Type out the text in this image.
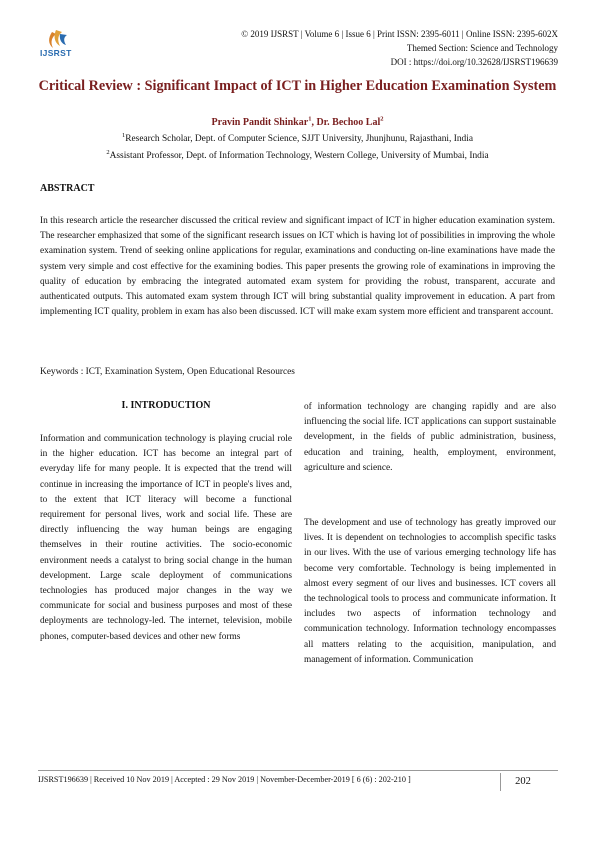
IJSRST
© 2019 IJSRST | Volume 6 | Issue 6 | Print ISSN: 2395-6011 | Online ISSN: 2395-602X
Themed Section: Science and Technology
DOI : https://doi.org/10.32628/IJSRST196639
Critical Review : Significant Impact of ICT in Higher Education Examination System
Pravin Pandit Shinkar$^1$, Dr. Bechoo Lal$^2$
$^1$Research Scholar, Dept. of Computer Science, SJJT University, Jhunjhunu, Rajasthani, India
$^2$Assistant Professor, Dept. of Information Technology, Western College, University of Mumbai, India
ABSTRACT
In this research article the researcher discussed the critical review and significant impact of ICT in higher education examination system. The researcher emphasized that some of the significant research issues on ICT which is having lot of possibilities in improving the whole examination system. Trend of seeking online applications for regular, examinations and conducting on-line examinations have made the system very simple and cost effective for the examining bodies. This paper presents the growing role of examinations in improving the quality of education by embracing the integrated automated exam system for providing the robust, transparent, accurate and authenticated outputs. This automated exam system through ICT will bring substantial quality improvement in education. A part from implementing ICT quality, problem in exam has also been discussed. ICT will make exam system more efficient and transparent account.
Keywords : ICT, Examination System, Open Educational Resources
I. INTRODUCTION
Information and communication technology is playing crucial role in the higher education. ICT has become an integral part of everyday life for many people. It is expected that the trend will continue in increasing the importance of ICT in people's lives and, to the extent that ICT literacy will become a functional requirement for personal lives, work and social life. These are directly influencing the way human beings are engaging themselves in their routine activities. The socio-economic environment needs a catalyst to bring social change in the human development. Large scale deployment of communications technologies has produced major changes in the way we communicate for social and business purposes and most of these deployments are technology-led. The internet, television, mobile phones, computer-based devices and other new forms
of information technology are changing rapidly and are also influencing the social life. ICT applications can support sustainable development, in the fields of public administration, business, education and training, health, employment, environment, agriculture and science.
The development and use of technology has greatly improved our lives. It is dependent on technologies to accomplish specific tasks in our lives. With the use of various emerging technology life has become very comfortable. Technology is being implemented in almost every segment of our lives and businesses. ICT covers all the technological tools to process and communicate information. It includes two aspects of information technology and communication technology. Information technology encompasses all matters relating to the acquisition, manipulation, and management of information. Communication
IJSRST196639 | Received 10 Nov 2019 | Accepted : 29 Nov 2019 | November-December-2019 [ 6 (6) : 202-210 ]	202
